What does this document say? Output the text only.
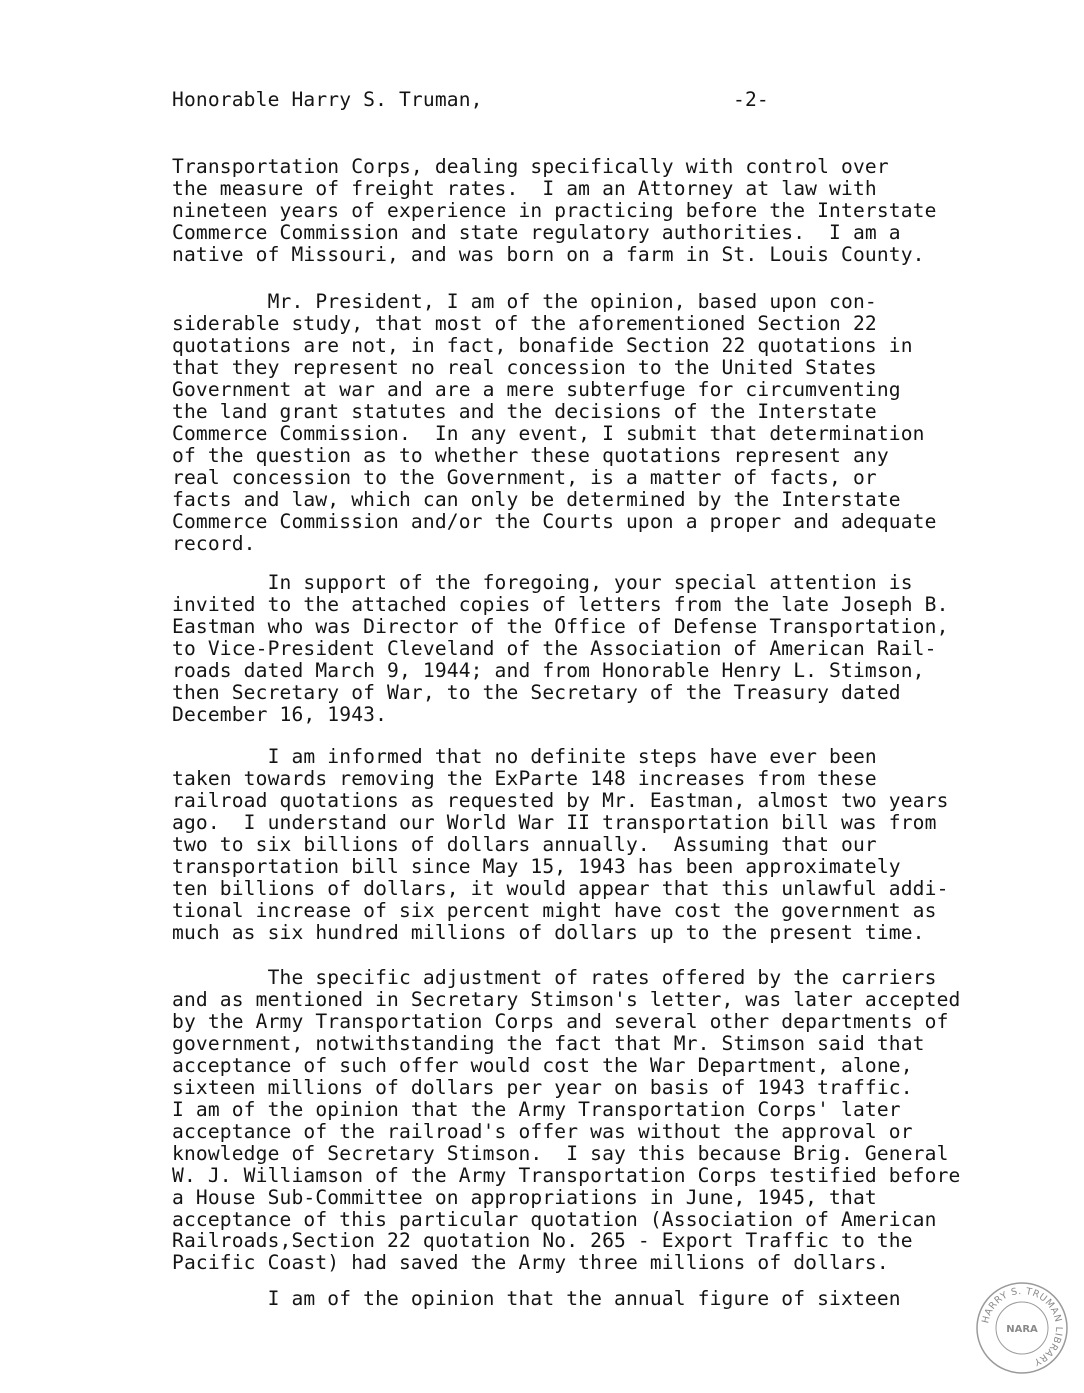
Honorable Harry S. Truman,	-2-
Transportation Corps, dealing specifically with control over
the measure of freight rates.  I am an Attorney at law with
nineteen years of experience in practicing before the Interstate
Commerce Commission and state regulatory authorities.  I am a
native of Missouri, and was born on a farm in St. Louis County.
Mr. President, I am of the opinion, based upon con-
siderable study, that most of the aforementioned Section 22
quotations are not, in fact, bonafide Section 22 quotations in
that they represent no real concession to the United States
Government at war and are a mere subterfuge for circumventing
the land grant statutes and the decisions of the Interstate
Commerce Commission.  In any event, I submit that determination
of the question as to whether these quotations represent any
real concession to the Government, is a matter of facts, or
facts and law, which can only be determined by the Interstate
Commerce Commission and/or the Courts upon a proper and adequate
record.
In support of the foregoing, your special attention is
invited to the attached copies of letters from the late Joseph B.
Eastman who was Director of the Office of Defense Transportation,
to Vice-President Cleveland of the Association of American Rail-
roads dated March 9, 1944; and from Honorable Henry L. Stimson,
then Secretary of War, to the Secretary of the Treasury dated
December 16, 1943.
I am informed that no definite steps have ever been
taken towards removing the ExParte 148 increases from these
railroad quotations as requested by Mr. Eastman, almost two years
ago.  I understand our World War II transportation bill was from
two to six billions of dollars annually.  Assuming that our
transportation bill since May 15, 1943 has been approximately
ten billions of dollars, it would appear that this unlawful addi-
tional increase of six percent might have cost the government as
much as six hundred millions of dollars up to the present time.
The specific adjustment of rates offered by the carriers
and as mentioned in Secretary Stimson's letter, was later accepted
by the Army Transportation Corps and several other departments of
government, notwithstanding the fact that Mr. Stimson said that
acceptance of such offer would cost the War Department, alone,
sixteen millions of dollars per year on basis of 1943 traffic.
I am of the opinion that the Army Transportation Corps' later
acceptance of the railroad's offer was without the approval or
knowledge of Secretary Stimson.  I say this because Brig. General
W. J. Williamson of the Army Transportation Corps testified before
a House Sub-Committee on appropriations in June, 1945, that
acceptance of this particular quotation (Association of American
Railroads,Section 22 quotation No. 265 - Export Traffic to the
Pacific Coast) had saved the Army three millions of dollars.
I am of the opinion that the annual figure of sixteen
HARRY S. TRUMAN LIBRARY
NARA
